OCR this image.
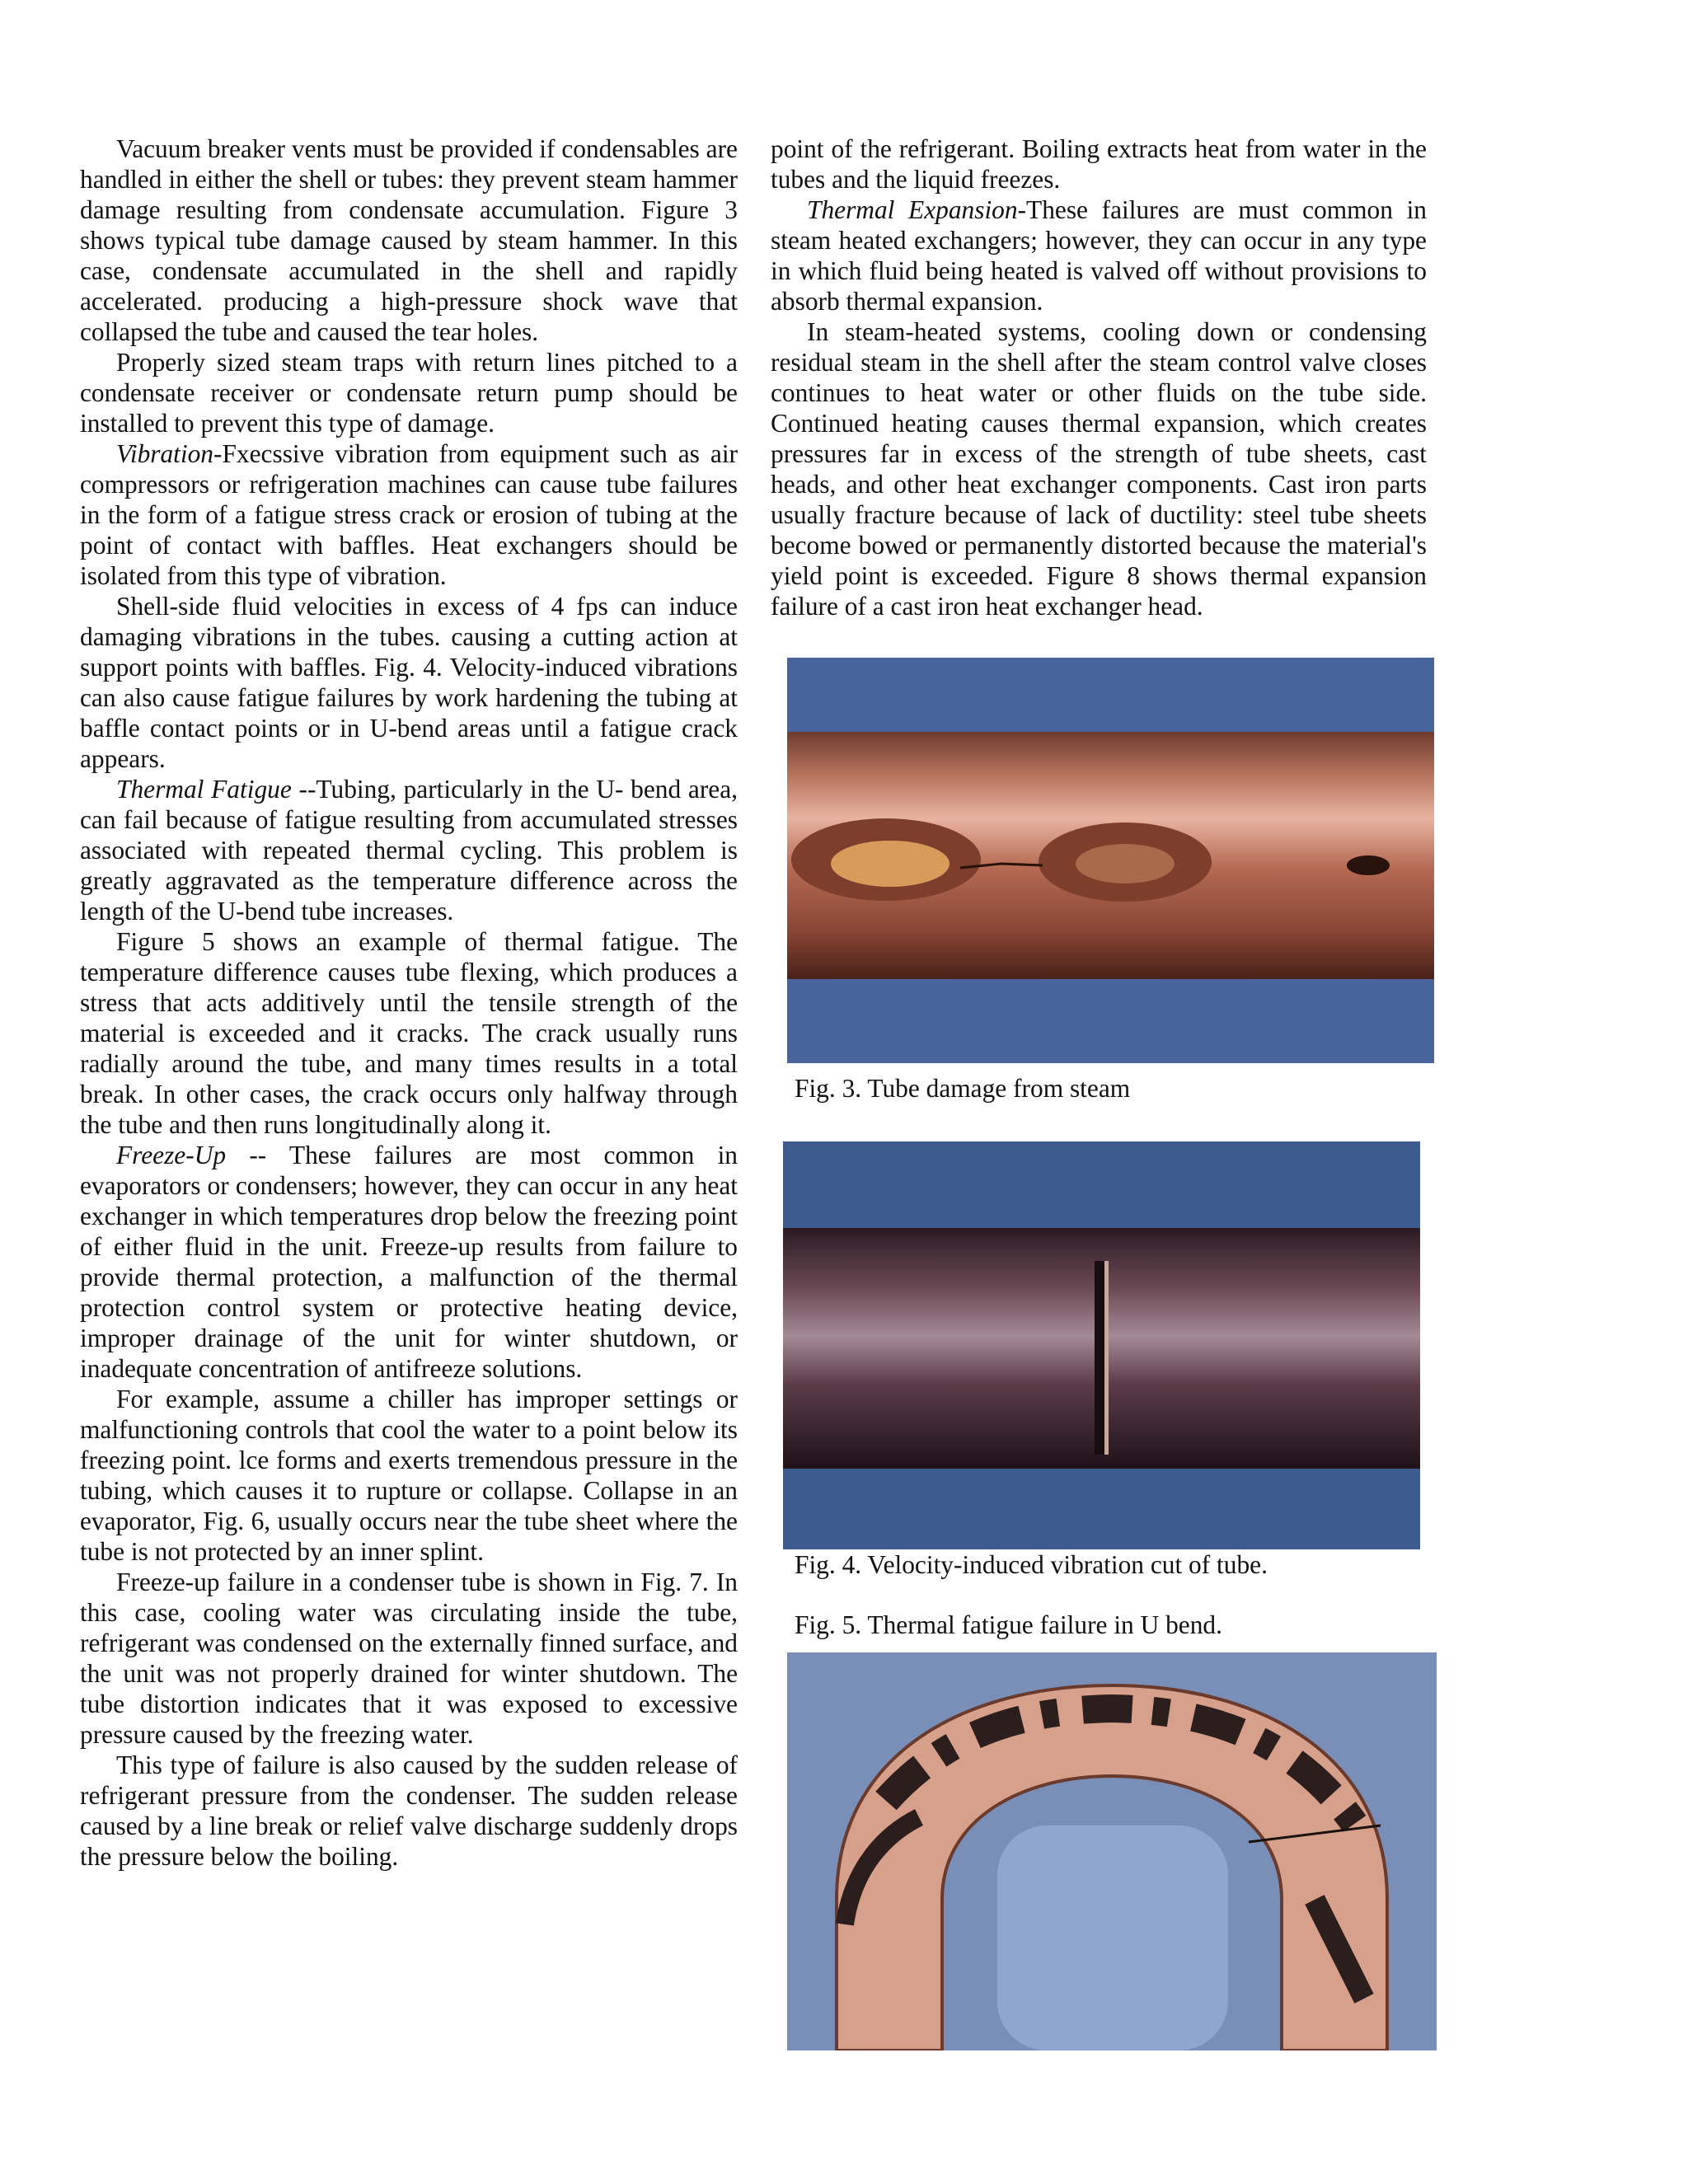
Vacuum breaker vents must be provided if condensables are handled in either the shell or tubes: they prevent steam hammer damage resulting from condensate accumulation. Figure 3 shows typical tube damage caused by steam hammer. In this case, condensate accumulated in the shell and rapidly accelerated. producing a high-pressure shock wave that collapsed the tube and caused the tear holes.

Properly sized steam traps with return lines pitched to a condensate receiver or condensate return pump should be installed to prevent this type of damage.

Vibration-Fxecssive vibration from equipment such as air compressors or refrigeration machines can cause tube failures in the form of a fatigue stress crack or erosion of tubing at the point of contact with baffles. Heat exchangers should be isolated from this type of vibration.

Shell-side fluid velocities in excess of 4 fps can induce damaging vibrations in the tubes. causing a cutting action at support points with baffles. Fig. 4. Velocity-induced vibrations can also cause fatigue failures by work hardening the tubing at baffle contact points or in U-bend areas until a fatigue crack appears.

Thermal Fatigue --Tubing, particularly in the U- bend area, can fail because of fatigue resulting from accumulated stresses associated with repeated thermal cycling. This problem is greatly aggravated as the temperature difference across the length of the U-bend tube increases.

Figure 5 shows an example of thermal fatigue. The temperature difference causes tube flexing, which produces a stress that acts additively until the tensile strength of the material is exceeded and it cracks. The crack usually runs radially around the tube, and many times results in a total break. In other cases, the crack occurs only halfway through the tube and then runs longitudinally along it.

Freeze-Up -- These failures are most common in evaporators or condensers; however, they can occur in any heat exchanger in which temperatures drop below the freezing point of either fluid in the unit. Freeze-up results from failure to provide thermal protection, a malfunction of the thermal protection control system or protective heating device, improper drainage of the unit for winter shutdown, or inadequate concentration of antifreeze solutions.

For example, assume a chiller has improper settings or malfunctioning controls that cool the water to a point below its freezing point. lce forms and exerts tremendous pressure in the tubing, which causes it to rupture or collapse. Collapse in an evaporator, Fig. 6, usually occurs near the tube sheet where the tube is not protected by an inner splint.

Freeze-up failure in a condenser tube is shown in Fig. 7. In this case, cooling water was circulating inside the tube, refrigerant was condensed on the externally finned surface, and the unit was not properly drained for winter shutdown. The tube distortion indicates that it was exposed to excessive pressure caused by the freezing water.

This type of failure is also caused by the sudden release of refrigerant pressure from the condenser. The sudden release caused by a line break or relief valve discharge suddenly drops the pressure below the boiling.

point of the refrigerant. Boiling extracts heat from water in the tubes and the liquid freezes.

Thermal Expansion-These failures are must common in steam heated exchangers; however, they can occur in any type in which fluid being heated is valved off without provisions to absorb thermal expansion.

In steam-heated systems, cooling down or condensing residual steam in the shell after the steam control valve closes continues to heat water or other fluids on the tube side. Continued heating causes thermal expansion, which creates pressures far in excess of the strength of tube sheets, cast heads, and other heat exchanger components. Cast iron parts usually fracture because of lack of ductility: steel tube sheets become bowed or permanently distorted because the material's yield point is exceeded. Figure 8 shows thermal expansion failure of a cast iron heat exchanger head.

Fig. 3. Tube damage from steam
Fig. 4. Velocity-induced vibration cut of tube.
Fig. 5. Thermal fatigue failure in U bend.
